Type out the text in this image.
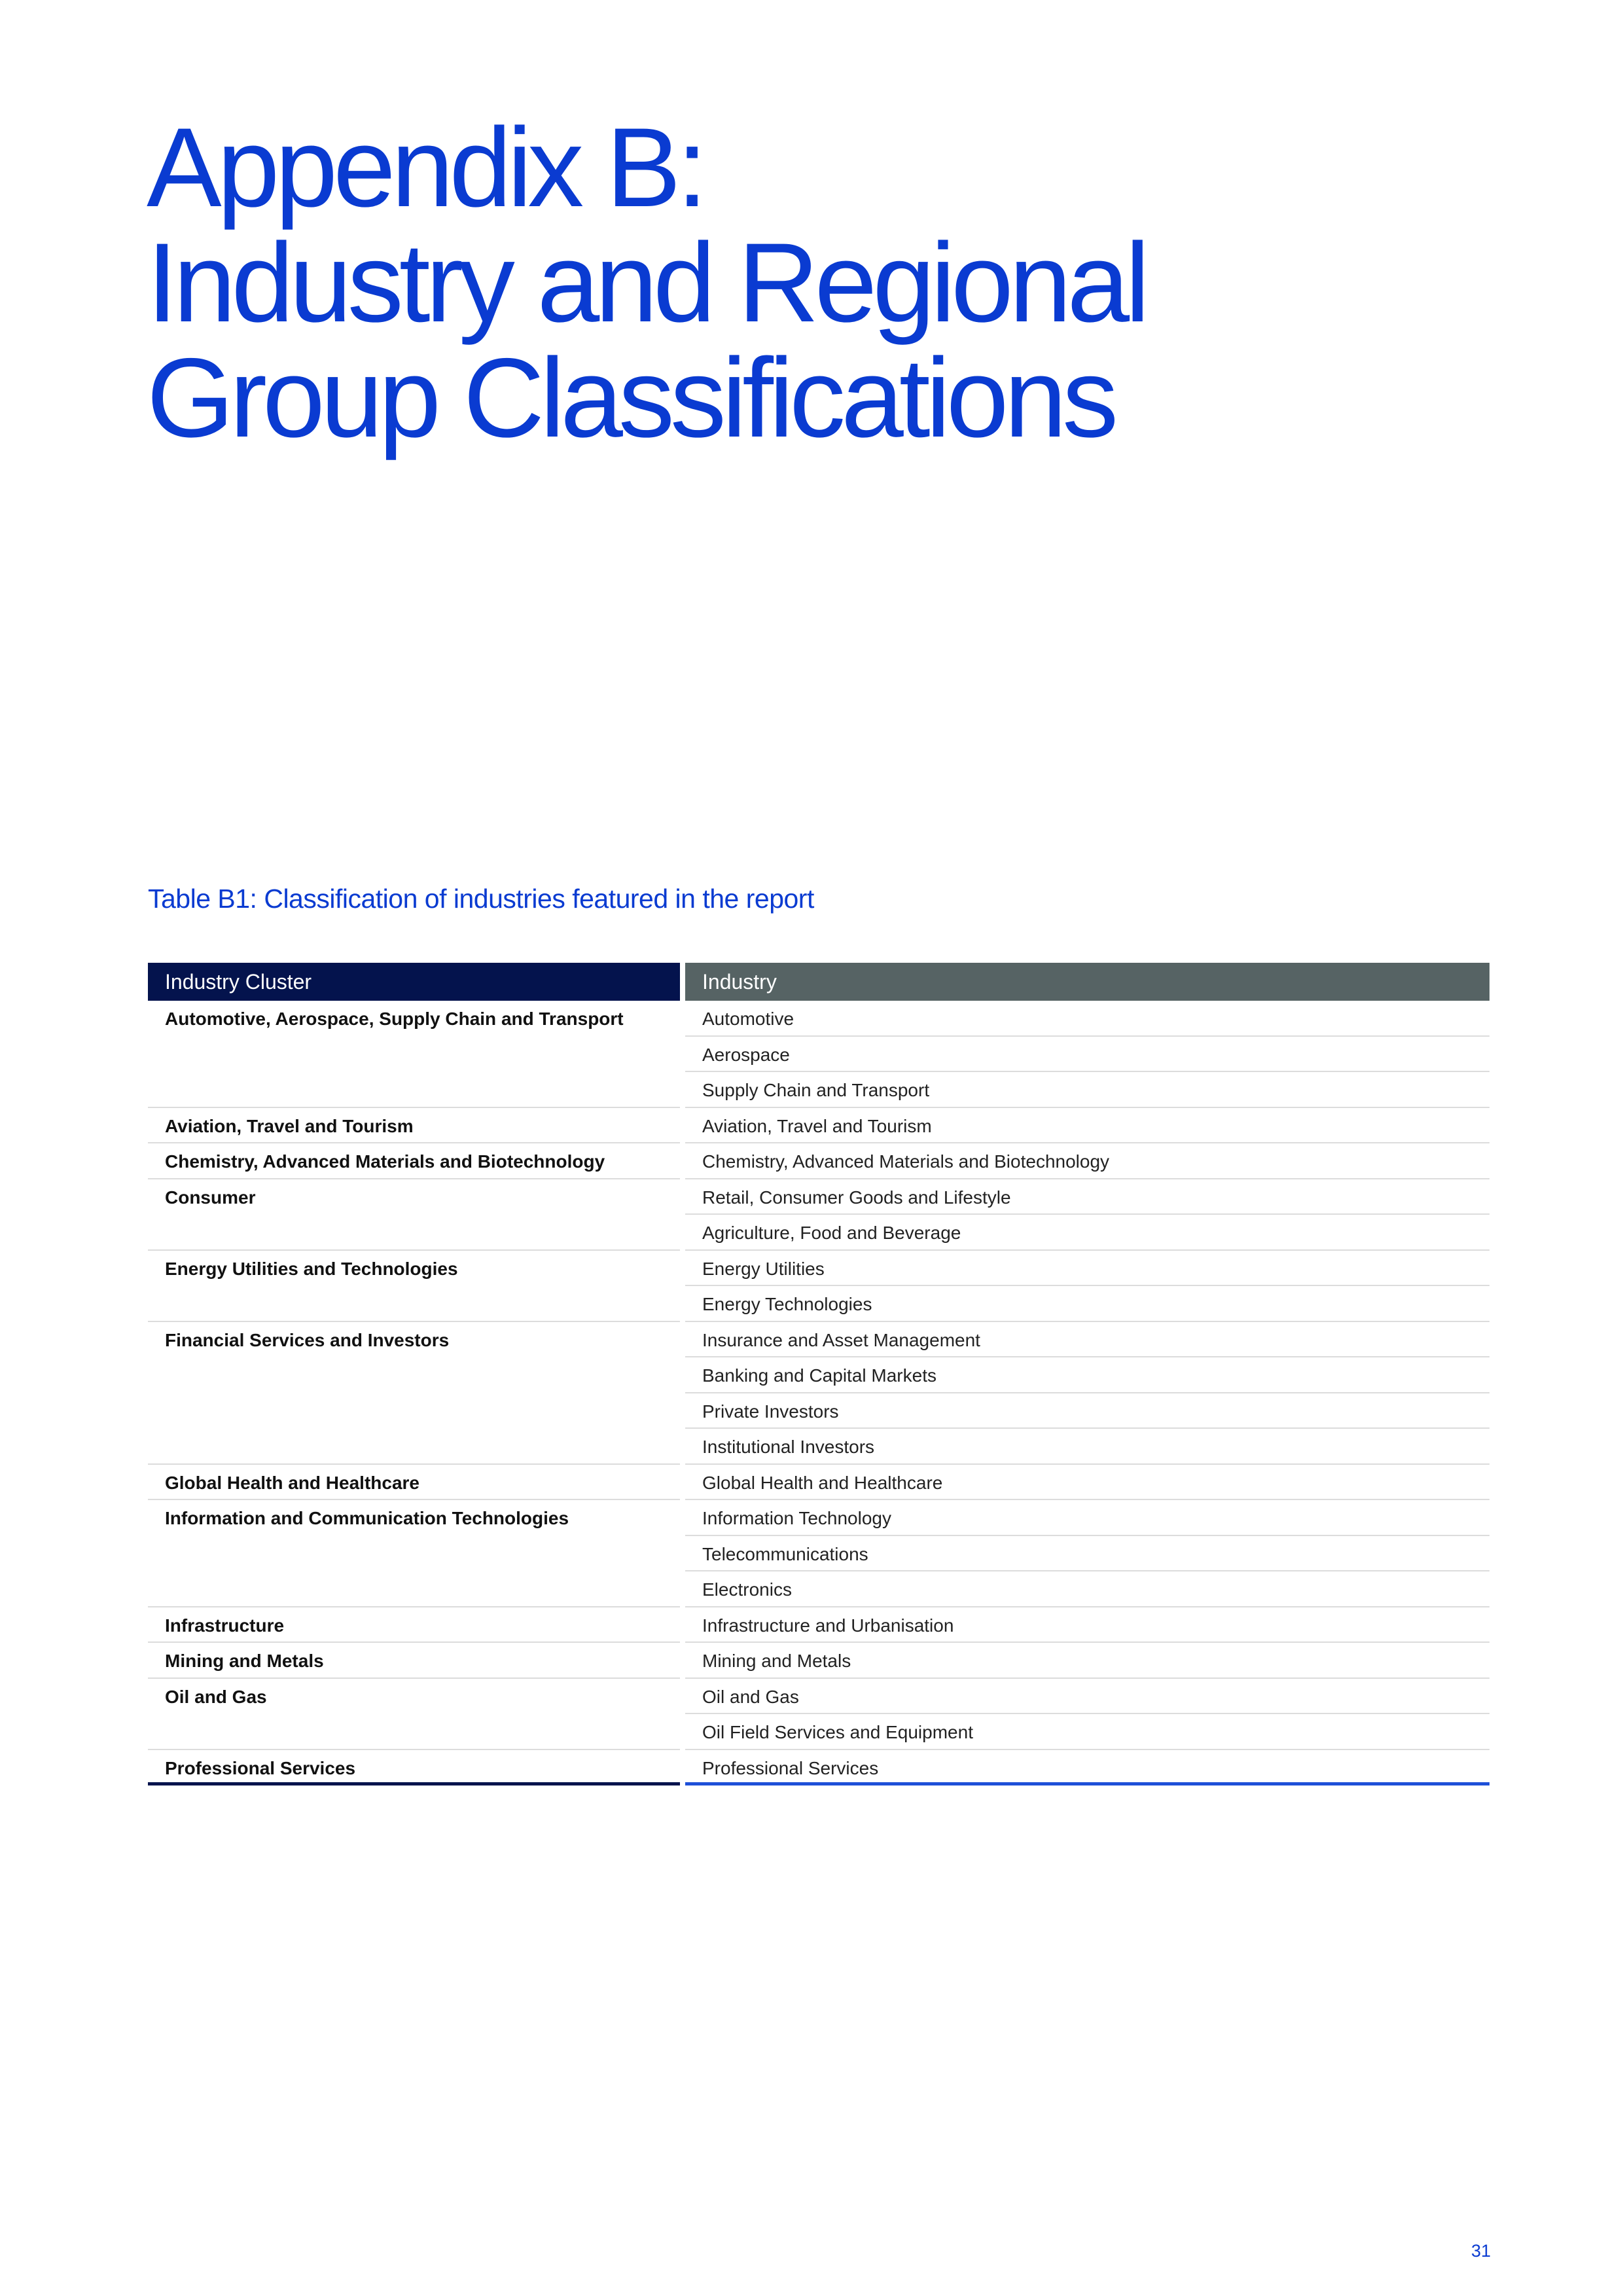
Appendix B:
Industry and Regional
Group Classifications
Table B1: Classification of industries featured in the report
Industry Cluster	Industry
Automotive, Aerospace, Supply Chain and Transport
Aviation, Travel and Tourism
Chemistry, Advanced Materials and Biotechnology
Consumer
Energy Utilities and Technologies
Financial Services and Investors
Global Health and Healthcare
Information and Communication Technologies
Infrastructure
Mining and Metals
Oil and Gas
Professional Services
Automotive
Aerospace
Supply Chain and Transport
Aviation, Travel and Tourism
Chemistry, Advanced Materials and Biotechnology
Retail, Consumer Goods and Lifestyle
Agriculture, Food and Beverage
Energy Utilities
Energy Technologies
Insurance and Asset Management
Banking and Capital Markets
Private Investors
Institutional Investors
Global Health and Healthcare
Information Technology
Telecommunications
Electronics
Infrastructure and Urbanisation
Mining and Metals
Oil and Gas
Oil Field Services and Equipment
Professional Services
31
